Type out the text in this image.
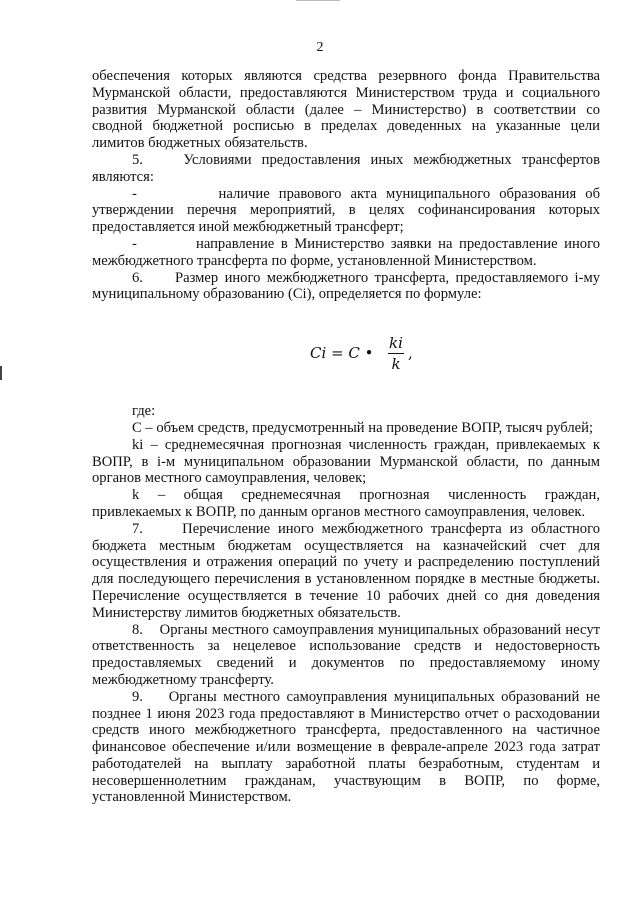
2

обеспечения которых являются средства резервного фонда Правительства Мурманской области, предоставляются Министерством труда и социального развития Мурманской области (далее – Министерство) в соответствии со сводной бюджетной росписью в пределах доведенных на указанные цели лимитов бюджетных обязательств.

5.    Условиями предоставления иных межбюджетных трансфертов являются:

-         наличие правового акта муниципального образования об утверждении перечня мероприятий, в целях софинансирования которых предоставляется иной межбюджетный трансферт;

-         направление в Министерство заявки на предоставление иного межбюджетного трансферта по форме, установленной Министерством.

6.     Размер иного межбюджетного трансферта, предоставляемого i-му муниципальному образованию (Ci), определяется по формуле:

Ci = C •
ki
k
,

где:

С – объем средств, предусмотренный на проведение ВОПР, тысяч рублей;

ki – среднемесячная прогнозная численность граждан, привлекаемых к ВОПР, в i-м муниципальном образовании Мурманской области, по данным органов местного самоуправления, человек;

k – общая среднемесячная прогнозная численность граждан, привлекаемых к ВОПР, по данным органов местного самоуправления, человек.

7.     Перечисление иного межбюджетного трансферта из областного бюджета местным бюджетам осуществляется на казначейский счет для осуществления и отражения операций по учету и распределению поступлений для последующего перечисления в установленном порядке в местные бюджеты. Перечисление осуществляется в течение 10 рабочих дней со дня доведения Министерству лимитов бюджетных обязательств.

8.    Органы местного самоуправления муниципальных образований несут ответственность за нецелевое использование средств и недостоверность предоставляемых сведений и документов по предоставляемому иному межбюджетному трансферту.

9.    Органы местного самоуправления муниципальных образований не позднее 1 июня 2023 года предоставляют в Министерство отчет о расходовании средств иного межбюджетного трансферта, предоставленного на частичное финансовое обеспечение и/или возмещение в феврале-апреле 2023 года затрат работодателей на выплату заработной платы безработным, студентам и несовершеннолетним гражданам, участвующим в ВОПР, по форме, установленной Министерством.
